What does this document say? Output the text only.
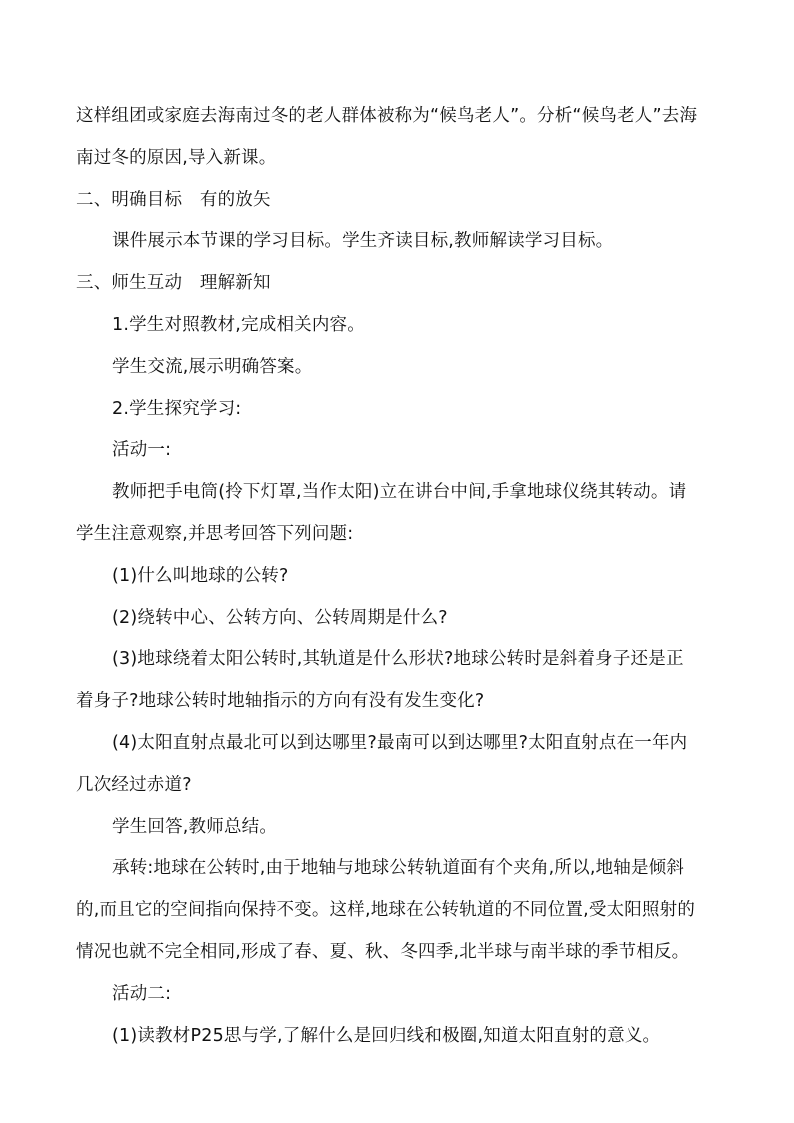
这样组团或家庭去海南过冬的老人群体被称为“候鸟老人”。分析“候鸟老人”去海

南过冬的原因,导入新课。

二、明确目标　有的放矢

课件展示本节课的学习目标。学生齐读目标,教师解读学习目标。

三、师生互动　理解新知

1.学生对照教材,完成相关内容。

学生交流,展示明确答案。

2.学生探究学习:

活动一:

教师把手电筒(拎下灯罩,当作太阳)立在讲台中间,手拿地球仪绕其转动。请

学生注意观察,并思考回答下列问题:

(1)什么叫地球的公转?

(2)绕转中心、公转方向、公转周期是什么?

(3)地球绕着太阳公转时,其轨道是什么形状?地球公转时是斜着身子还是正

着身子?地球公转时地轴指示的方向有没有发生变化?

(4)太阳直射点最北可以到达哪里?最南可以到达哪里?太阳直射点在一年内

几次经过赤道?

学生回答,教师总结。

承转:地球在公转时,由于地轴与地球公转轨道面有个夹角,所以,地轴是倾斜

的,而且它的空间指向保持不变。这样,地球在公转轨道的不同位置,受太阳照射的

情况也就不完全相同,形成了春、夏、秋、冬四季,北半球与南半球的季节相反。

活动二:

(1)读教材P25思与学,了解什么是回归线和极圈,知道太阳直射的意义。
